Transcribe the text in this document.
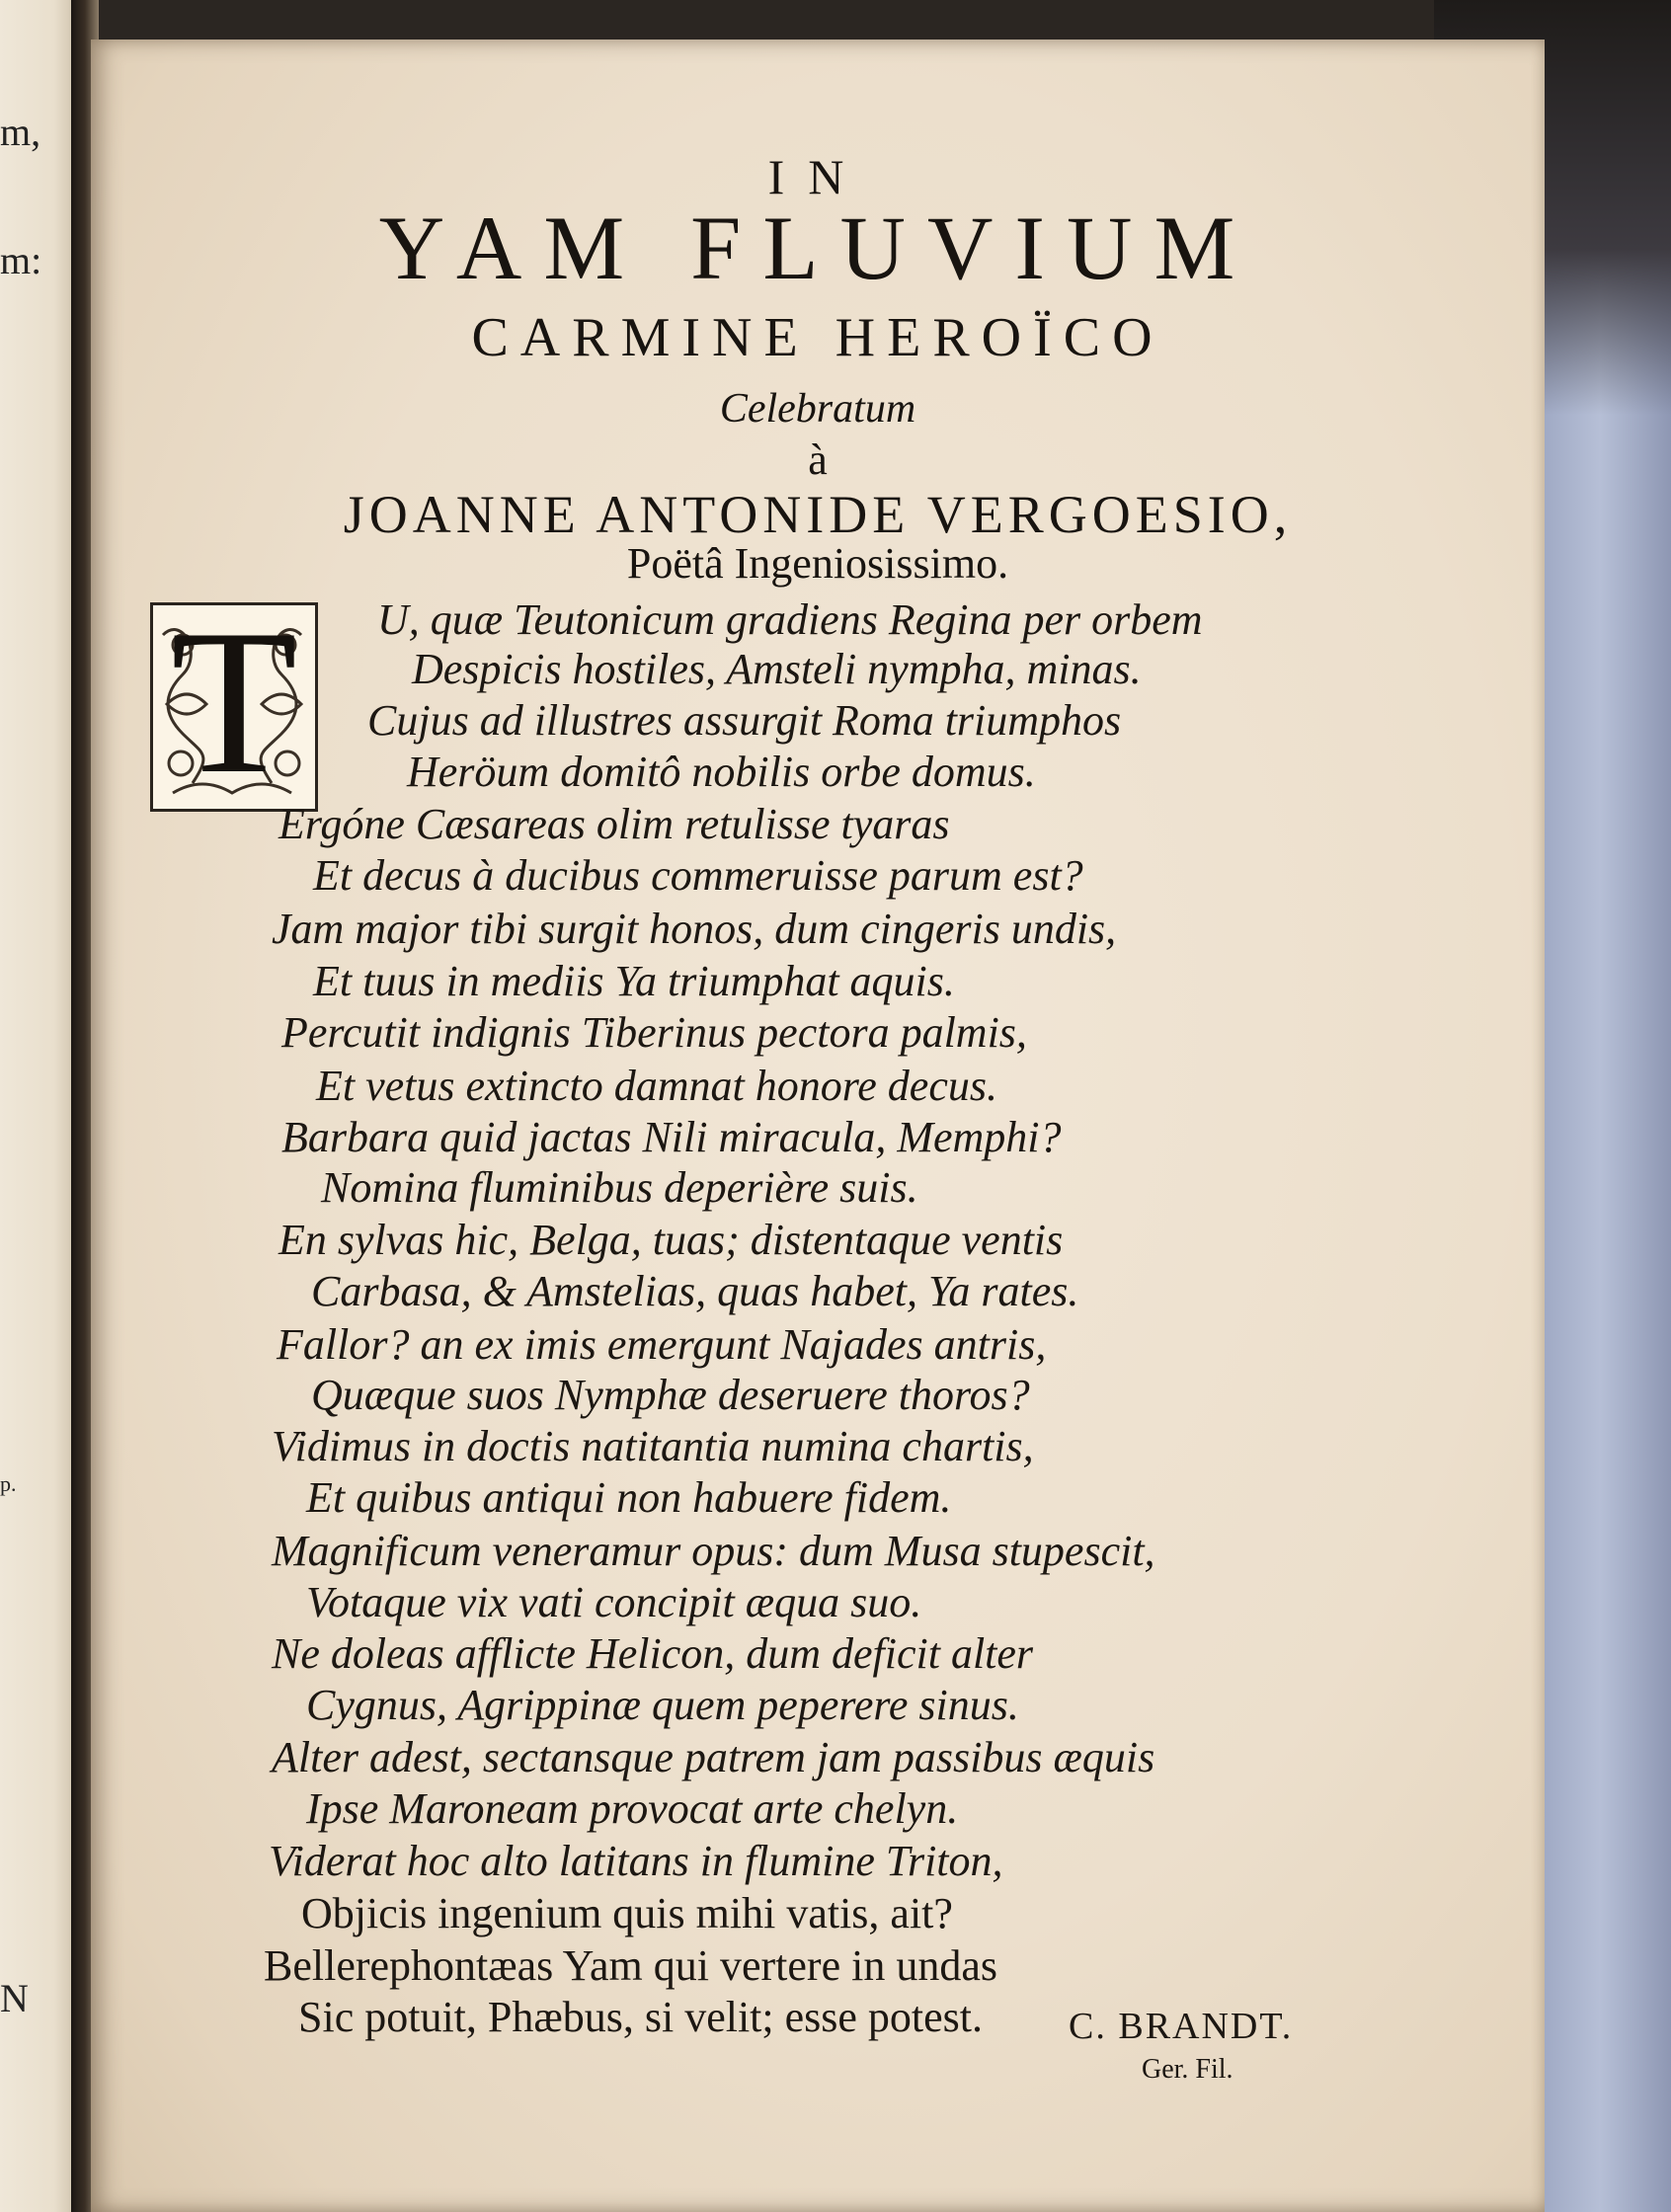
m,
m:
p.
N
IN
YAM FLUVIUM
CARMINE HEROÏCO
Celebratum
à
JOANNE ANTONIDE VERGOESIO,
Poëtâ Ingeniosissimo.
T	U, quæ Teutonicum gradiens Regina per orbem
Despicis hostiles, Amsteli nympha, minas.
Cujus ad illustres assurgit Roma triumphos
Heröum domitô nobilis orbe domus.
Ergóne Cæsareas olim retulisse tyaras
Et decus à ducibus commeruisse parum est?
Jam major tibi surgit honos, dum cingeris undis,
Et tuus in mediis Ya triumphat aquis.
Percutit indignis Tiberinus pectora palmis,
Et vetus extincto damnat honore decus.
Barbara quid jactas Nili miracula, Memphi?
Nomina fluminibus deperière suis.
En sylvas hic, Belga, tuas; distentaque ventis
Carbasa, & Amstelias, quas habet, Ya rates.
Fallor? an ex imis emergunt Najades antris,
Quæque suos Nymphæ deseruere thoros?
Vidimus in doctis natitantia numina chartis,
Et quibus antiqui non habuere fidem.
Magnificum veneramur opus: dum Musa stupescit,
Votaque vix vati concipit æqua suo.
Ne doleas afflicte Helicon, dum deficit alter
Cygnus, Agrippinæ quem peperere sinus.
Alter adest, sectansque patrem jam passibus æquis
Ipse Maroneam provocat arte chelyn.
Viderat hoc alto latitans in flumine Triton,
Objicis ingenium quis mihi vatis, ait?
Bellerephontæas Yam qui vertere in undas
Sic potuit, Phæbus, si velit; esse potest. C. BRANDT.
Ger. Fil.
